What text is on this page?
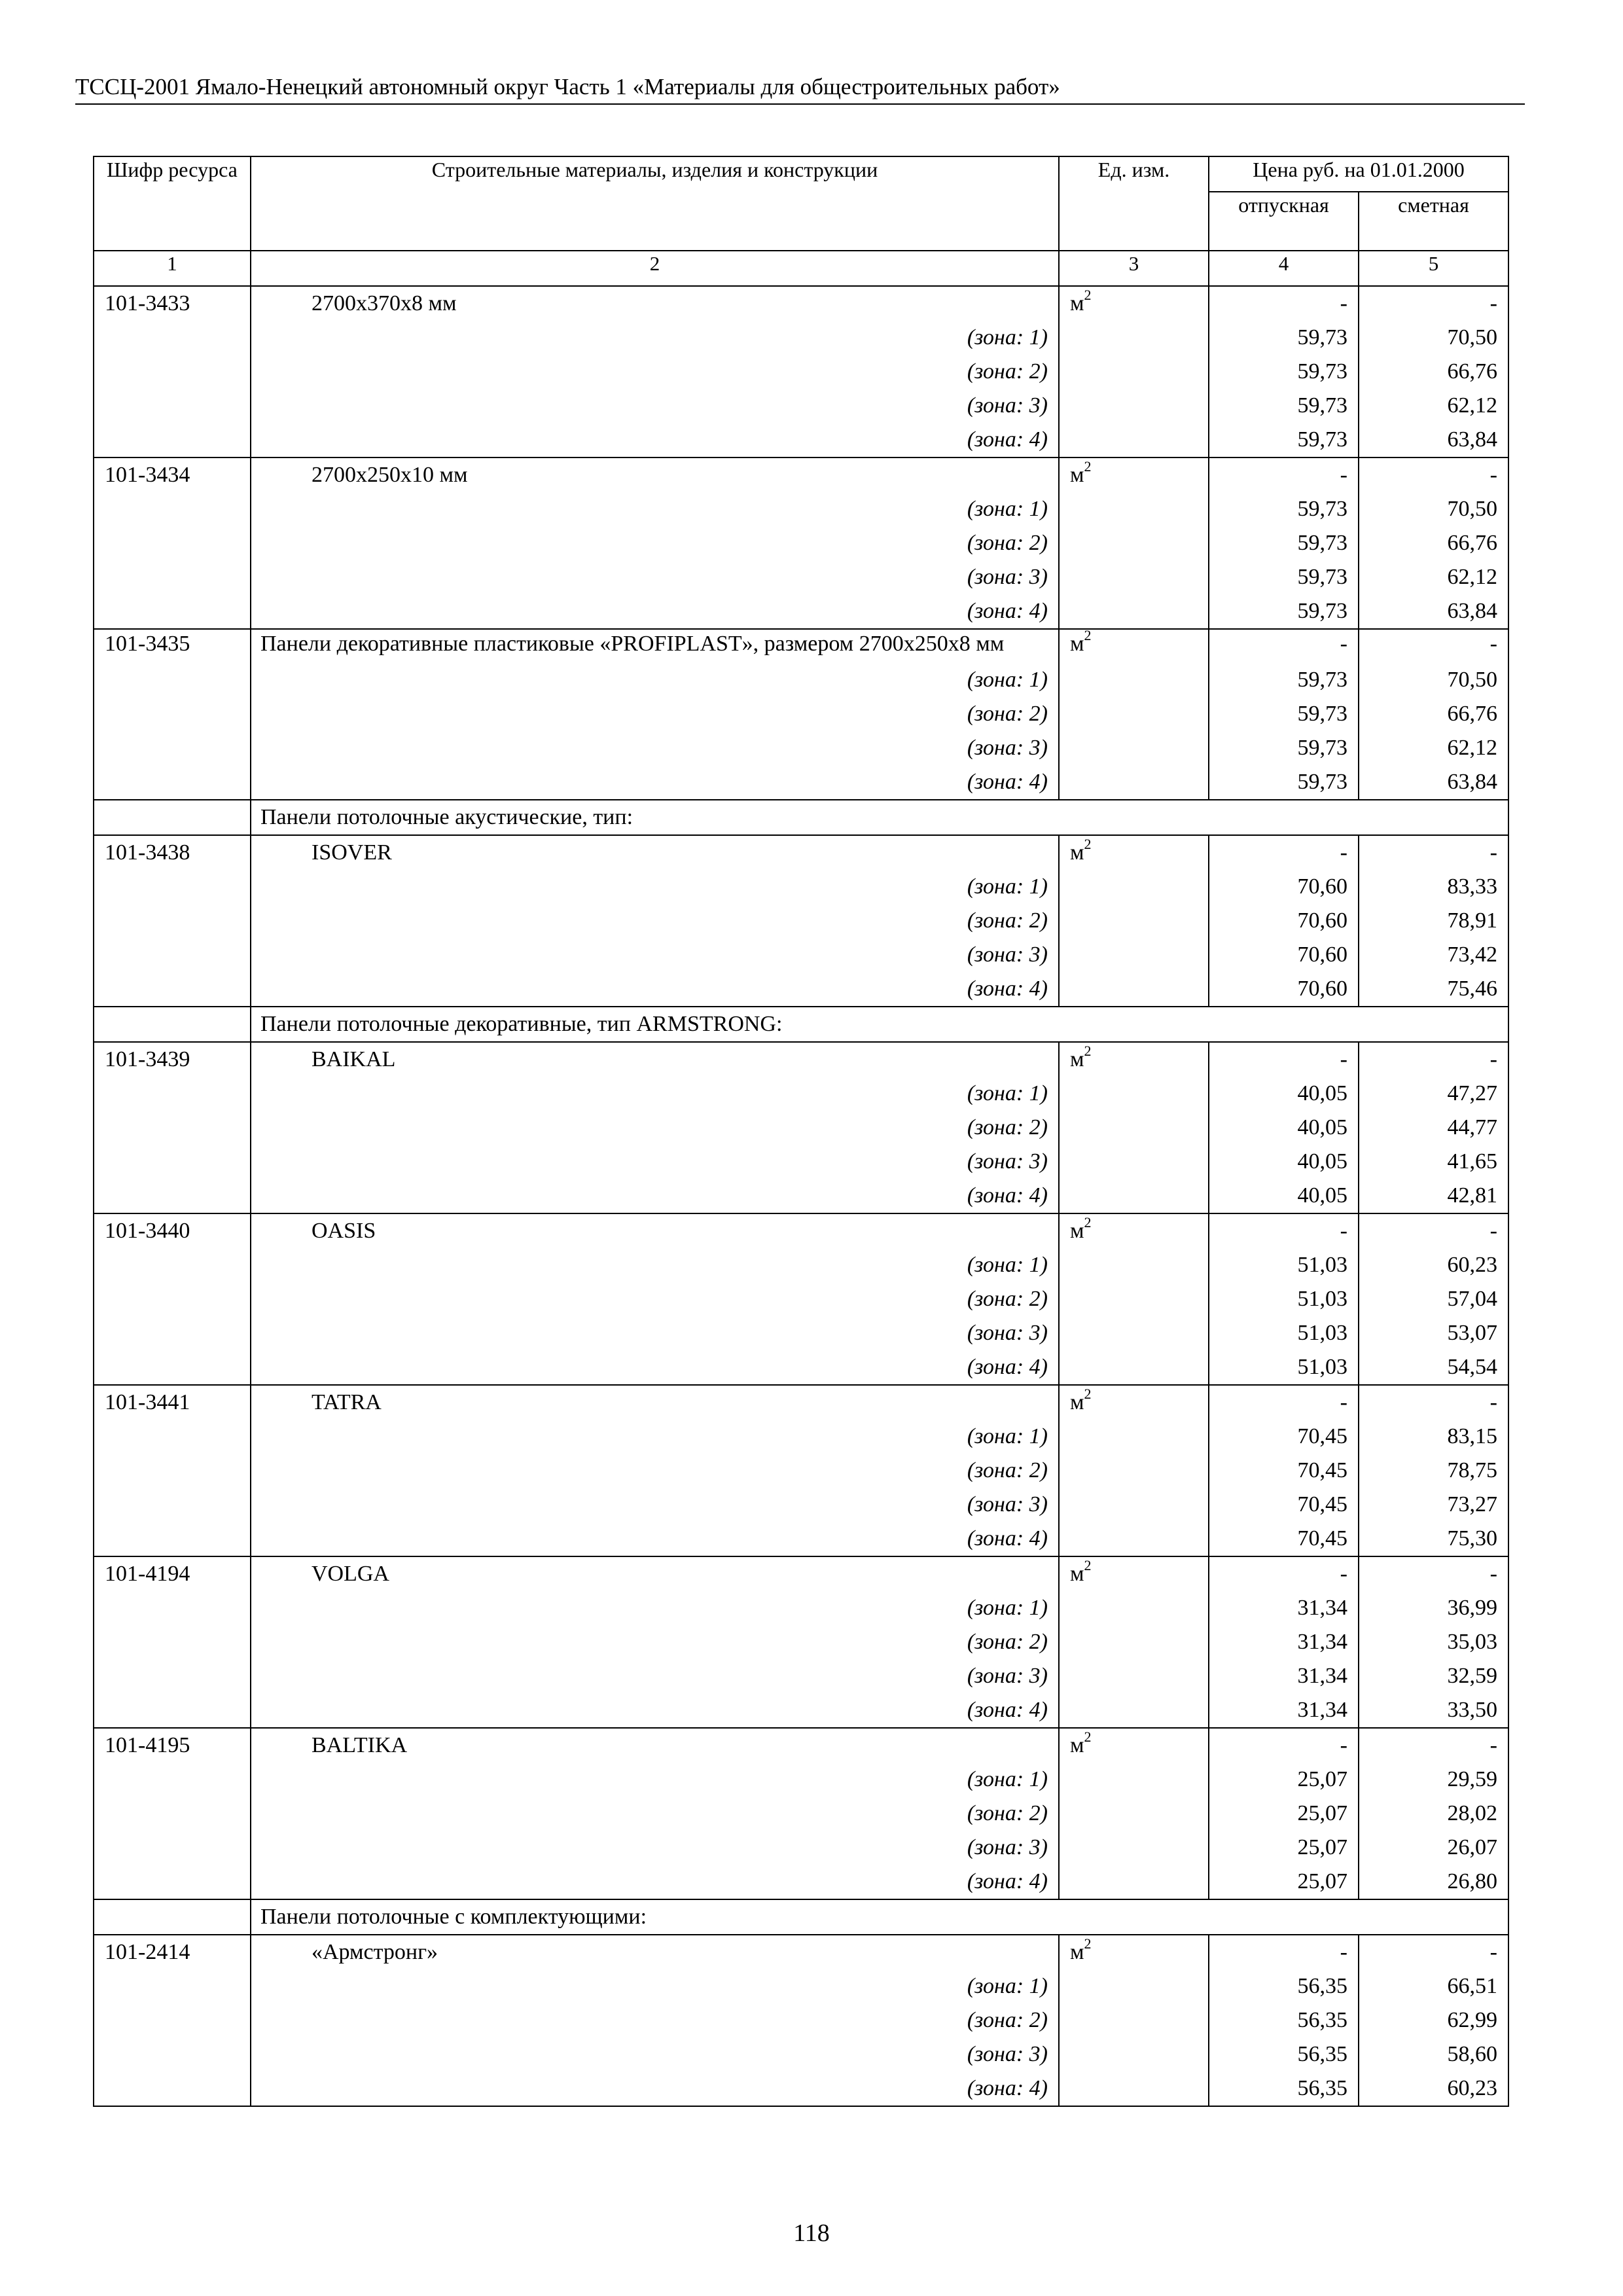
ТССЦ-2001 Ямало-Ненецкий автономный округ Часть 1 «Материалы для общестроительных работ»
Шифр ресурса	Строительные материалы, изделия и конструкции	Ед. изм.	Цена руб. на 01.01.2000	
			отпускная	сметная
1	2	3	4	5
101-3433	2700х370х8 мм	$м^2$	-	-
	(зона: 1)		59,73	70,50
	(зона: 2)		59,73	66,76
	(зона: 3)		59,73	62,12
	(зона: 4)		59,73	63,84
101-3434	2700х250х10 мм	$м^2$	-	-
	(зона: 1)		59,73	70,50
	(зона: 2)		59,73	66,76
	(зона: 3)		59,73	62,12
	(зона: 4)		59,73	63,84
101-3435	Панели декоративные пластиковые «PROFIPLAST», размером 2700х250х8 мм	$м^2$	-	-
	(зона: 1)		59,73	70,50
	(зона: 2)		59,73	66,76
	(зона: 3)		59,73	62,12
	(зона: 4)		59,73	63,84
	Панели потолочные акустические, тип:			
101-3438	ISOVER	$м^2$	-	-
	(зона: 1)		70,60	83,33
	(зона: 2)		70,60	78,91
	(зона: 3)		70,60	73,42
	(зона: 4)		70,60	75,46
	Панели потолочные декоративные, тип ARMSTRONG:			
101-3439	BAIKAL	$м^2$	-	-
	(зона: 1)		40,05	47,27
	(зона: 2)		40,05	44,77
	(зона: 3)		40,05	41,65
	(зона: 4)		40,05	42,81
101-3440	OASIS	$м^2$	-	-
	(зона: 1)		51,03	60,23
	(зона: 2)		51,03	57,04
	(зона: 3)		51,03	53,07
	(зона: 4)		51,03	54,54
101-3441	TATRA	$м^2$	-	-
	(зона: 1)		70,45	83,15
	(зона: 2)		70,45	78,75
	(зона: 3)		70,45	73,27
	(зона: 4)		70,45	75,30
101-4194	VOLGA	$м^2$	-	-
	(зона: 1)		31,34	36,99
	(зона: 2)		31,34	35,03
	(зона: 3)		31,34	32,59
	(зона: 4)		31,34	33,50
101-4195	BALTIKA	$м^2$	-	-
	(зона: 1)		25,07	29,59
	(зона: 2)		25,07	28,02
	(зона: 3)		25,07	26,07
	(зона: 4)		25,07	26,80
	Панели потолочные с комплектующими:			
101-2414	«Армстронг»	$м^2$	-	-
	(зона: 1)		56,35	66,51
	(зона: 2)		56,35	62,99
	(зона: 3)		56,35	58,60
	(зона: 4)		56,35	60,23
118
